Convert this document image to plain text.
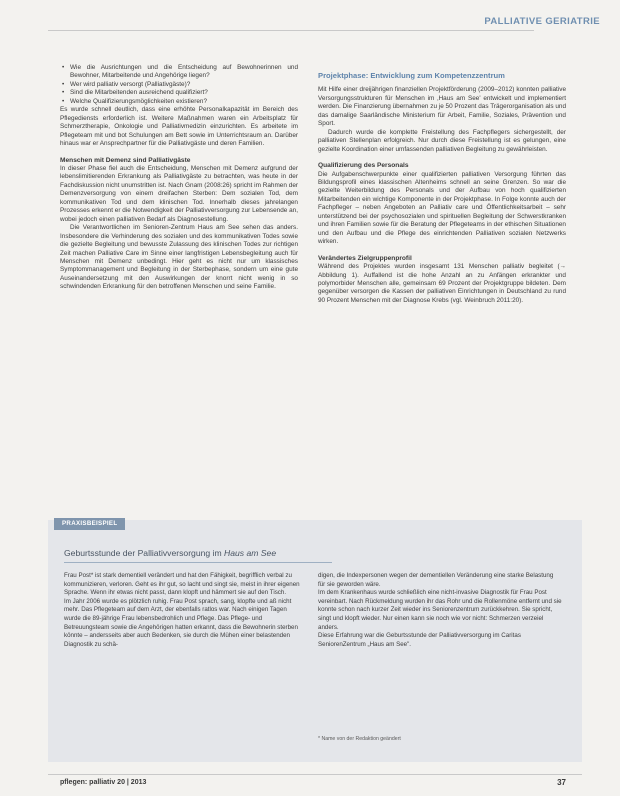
PALLIATIVE GERIATRIE
• Wie die Ausrichtungen und die Entscheidung auf Bewohnerinnen und Bewohner, Mitarbeitende und Angehörige liegen?
• Wer wird palliativ versorgt (Palliativgäste)?
• Sind die Mitarbeitenden ausreichend qualifiziert?
• Welche Qualifizierungsmöglichkeiten existieren?

Es wurde schnell deutlich, dass eine erhöhte Personalkapazität im Bereich des Pflegediensts erforderlich ist. Weitere Maßnahmen waren ein Arbeitsplatz für Schmerztherapie, Onkologie und Palliativmedizin einzurichten. Es arbeitete im Pflegeteam mit und bot Schulungen am Bett sowie im Unterrichtsraum an. Darüber hinaus war er Ansprechpartner für die Palliativgäste und deren Familien.

Menschen mit Demenz sind Palliativgäste

In dieser Phase fiel auch die Entscheidung, Menschen mit Demenz aufgrund der lebenslimitierenden Erkrankung als Palliativgäste zu betrachten, was heute in der Fachdiskussion nicht unumstritten ist. Nach Gnam (2008:26) spricht im Rahmen der Demenzversorgung von einem dreifachen Sterben: Dem sozialen Tod, dem kommunikativen Tod und dem klinischen Tod. Innerhalb dieses jahrelangen Prozesses erkennt er die Notwendigkeit der Palliativversorgung zur Lebensende an, wobei jedoch einen palliativen Bedarf als Diagnosestellung.

Die Verantwortlichen im Senioren-Zentrum Haus am See sehen das anders. Insbesondere die Verhinderung des sozialen und des kommunikativen Todes sowie die gezielte Begleitung und bewusste Zulassung des klinischen Todes zur richtigen Zeit machen Palliative Care im Sinne einer langfristigen Lebensbegleitung auch für Menschen mit Demenz unbedingt. Hier geht es nicht nur um klassisches Symptommanagement und Begleitung in der Sterbephase, sondern um eine gute Auseinandersetzung mit den Auswirkungen der knorrt nicht wenig in so schwindenden Erkrankung für den betroffenen Menschen und seine Familie.

Projektphase: Entwicklung zum Kompetenzzentrum

Mit Hilfe einer dreijährigen finanziellen Projektförderung (2009–2012) konnten palliative Versorgungsstrukturen für Menschen im ‚Haus am See' entwickelt und implementiert werden. Die Finanzierung übernahmen zu je 50 Prozent das Trägerorganisation als und das damalige Saarländische Ministerium für Arbeit, Familie, Soziales, Prävention und Sport.

Dadurch wurde die komplette Freistellung des Fachpflegers sichergestellt, der palliativen Stellenplan erfolgreich. Nur durch diese Freistellung ist es gelungen, eine gezielte Koordination einer umfassenden palliativen Begleitung zu gewährleisten.

Qualifizierung des Personals

Die Aufgabenschwerpunkte einer qualifizierten palliativen Versorgung führten das Bildungsprofil eines klassischen Altenheims schnell an seine Grenzen. So war die gezielte Weiterbildung des Personals und der Aufbau von hoch qualifizierten Mitarbeitenden ein wichtige Komponente in der Projektphase. In Folge konnte auch der Fachpfleger – neben Angeboten an Palliativ care und Öffentlichkeitsarbeit – sehr unterstützend bei der psychosozialen und spirituellen Begleitung der Schwerstkranken und ihren Familien sowie für die Beratung der Pflegeteams in der ethischen Situationen und den Aufbau und die Pflege des einrichtenden Palliativen sozialen Netzwerks wirken.

Verändertes Zielgruppenprofil

Während des Projektes wurden insgesamt 131 Menschen palliativ begleitet (→ Abbildung 1). Auffallend ist die hohe Anzahl an zu Anfängen erkrankter und polymorbider Menschen alle, gemeinsam 69 Prozent der Projektgruppe bildeten. Dem gegenüber versorgen die Kassen der palliativen Einrichtungen in Deutschland zu rund 90 Prozent Menschen mit der Diagnose Krebs (vgl. Weinbruch 2011:20).

PRAXISBEISPIEL
Geburtsstunde der Palliativversorgung im Haus am See

Frau Post* ist stark dementiell verändert und hat den Fähigkeit, begrifflich verbal zu kommunizieren, verloren. Geht es ihr gut, so lacht und singt sie, meist in ihrer eigenen Sprache. Wenn ihr etwas nicht passt, dann klopft und hämmert sie auf den Tisch.
Im Jahr 2006 wurde es plötzlich ruhig. Frau Post sprach, sang, klopfte und aß nicht mehr. Das Pflegeteam auf dem Arzt, der ebenfalls ratlos war. Nach einigen Tagen wurde die 89-jährige Frau lebensbedrohlich und Pflege. Das Pflege- und Betreuungsteam sowie die Angehörigen hatten erkannt, dass die Bewohnerin sterben könnte – andersseits aber auch Bedenken, sie durch die Mühen einer belastenden Diagnostik zu schä-

digen, die Indexpersonen wegen der dementiellen Veränderung eine starke Belastung für sie geworden wäre.
Im dem Krankenhaus wurde schließlich eine nicht-invasive Diagnostik für Frau Post vereinbart. Nach Rückmeldung wurden ihr das Rohr und die Rollenmöne entfernt und sie konnte schon nach kurzer Zeit wieder ins Seniorenzentrum zurückkehren. Sie spricht, singt und klopft wieder. Nur einen kann sie noch wie vor nicht: Schmerzen verzeiel anders.
Diese Erfahrung war die Geburtsstunde der Palliativversorgung im Caritas SeniorenZentrum „Haus am See".

* Name von der Redaktion geändert
pflegen: palliativ 20 | 2013	37
